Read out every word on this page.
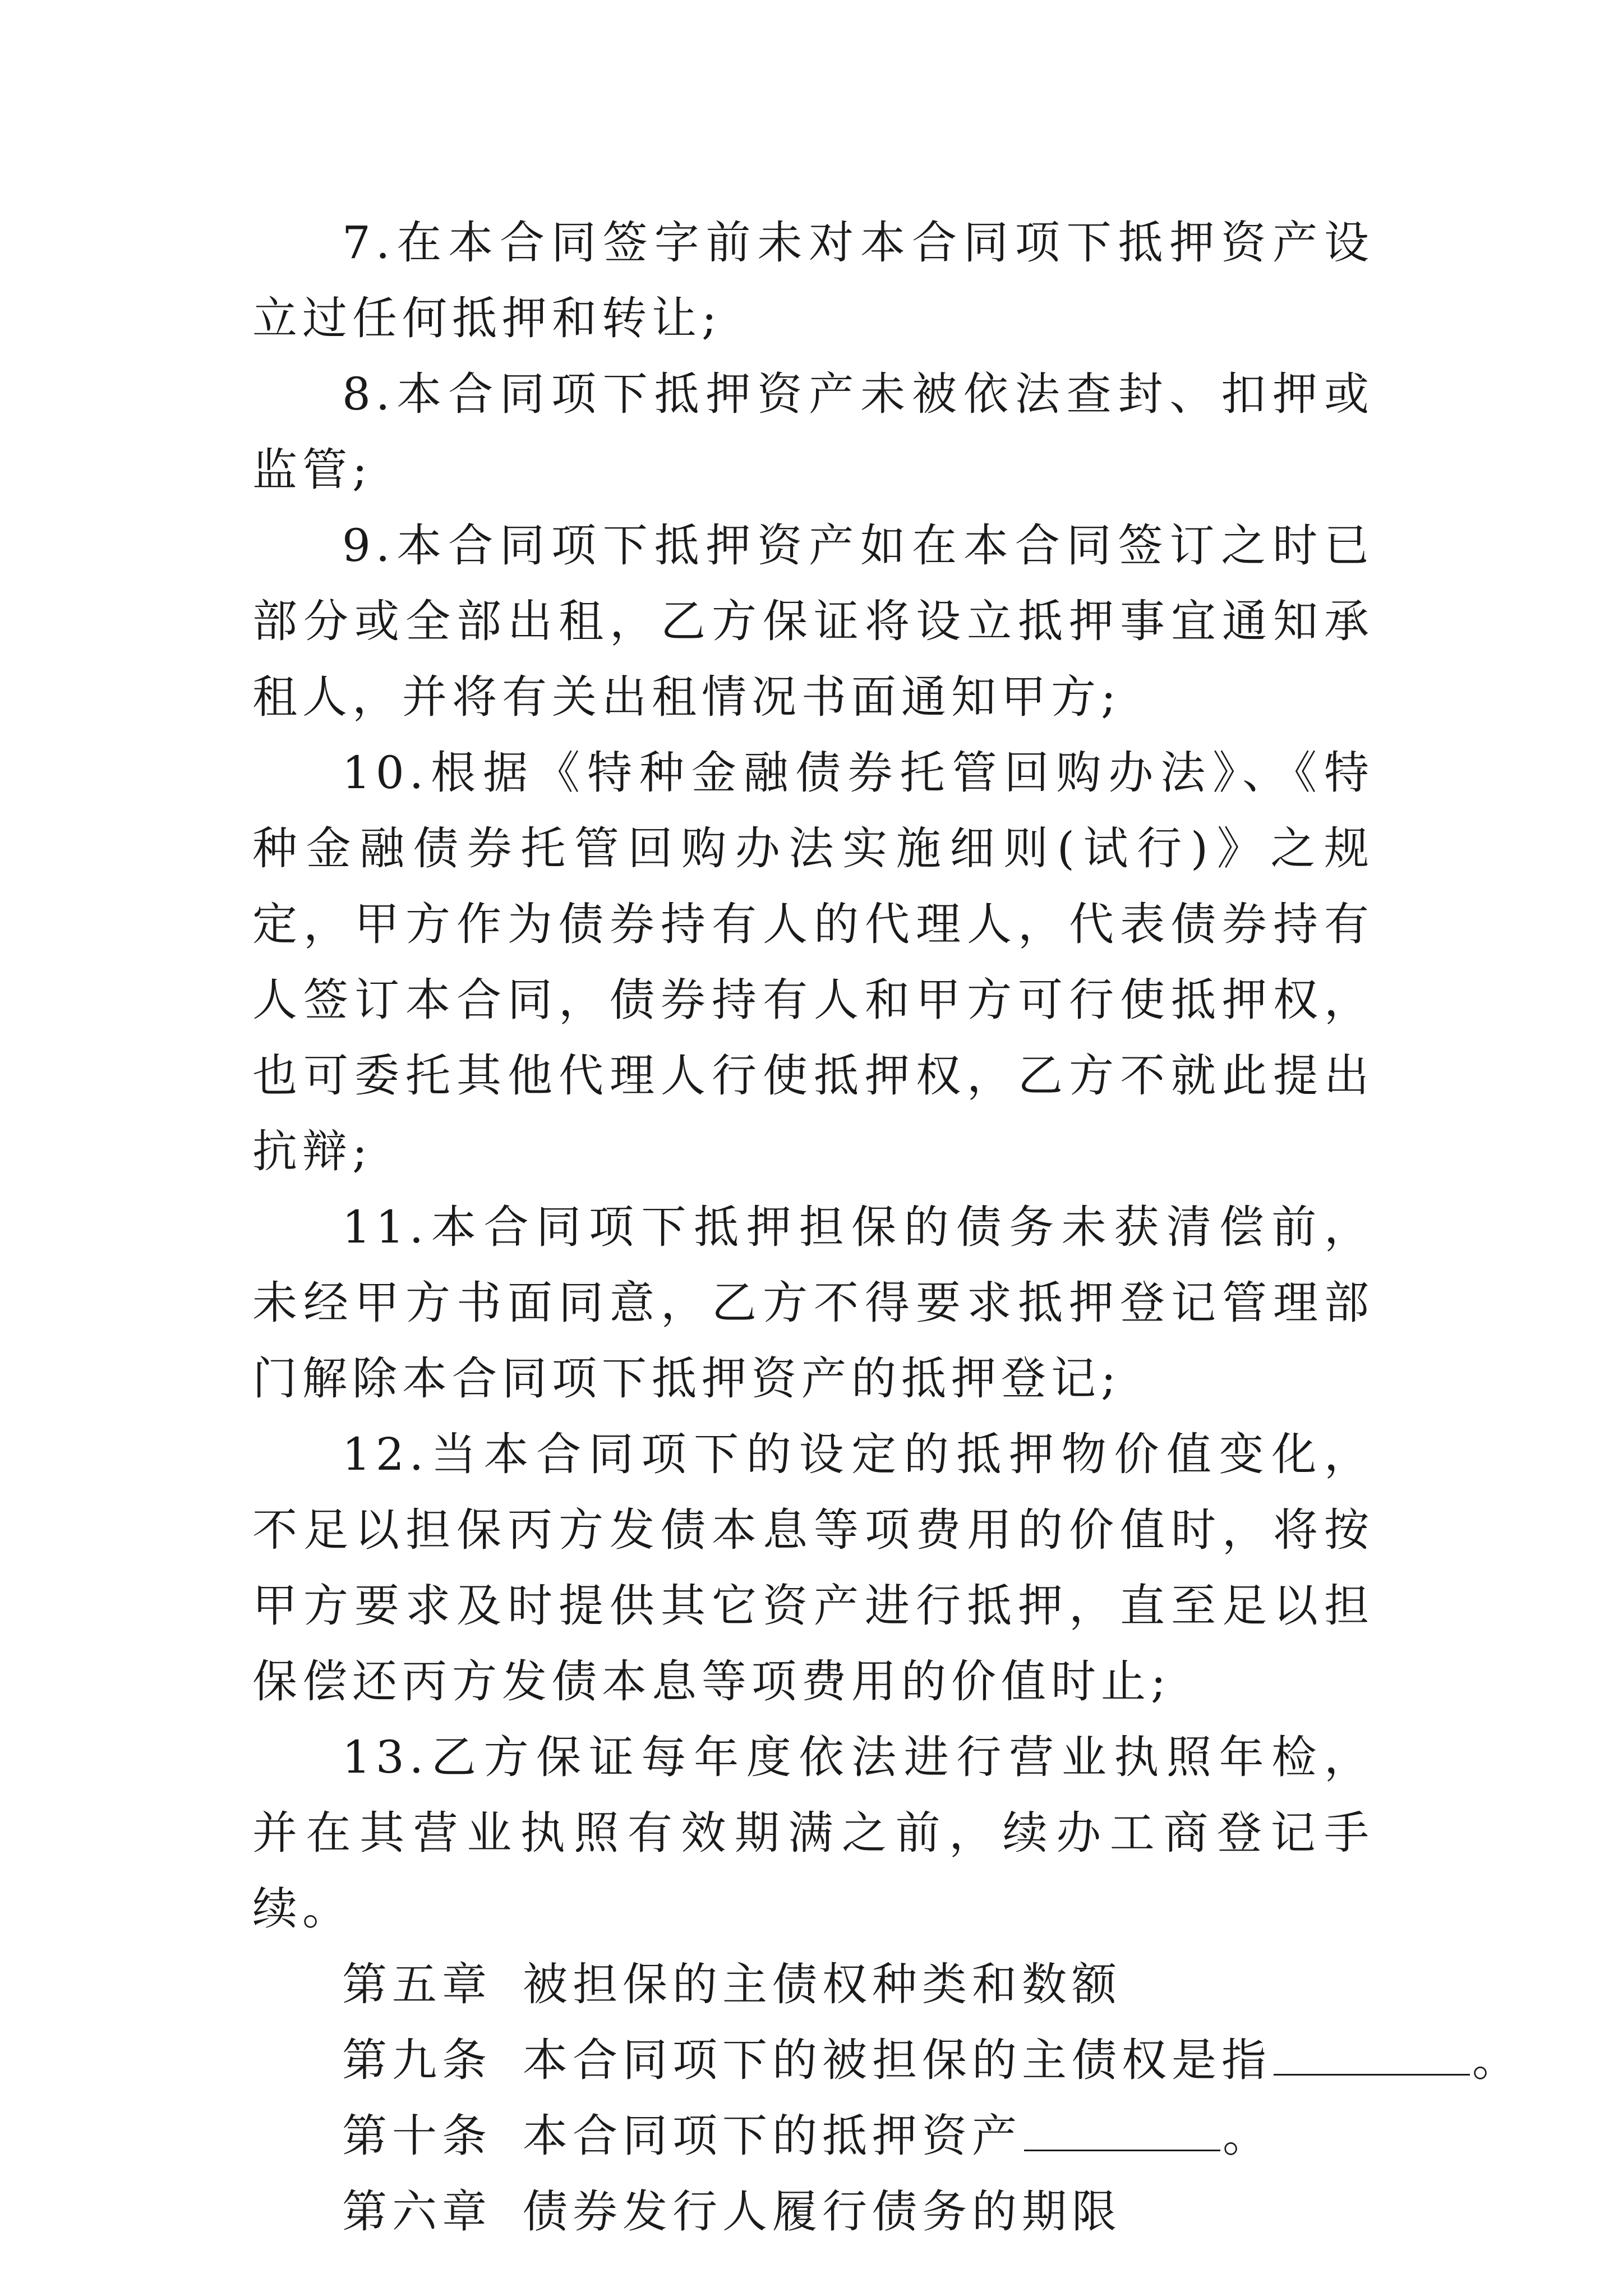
7.在本合同签字前未对本合同项下抵押资产设立过任何抵押和转让;

8.本合同项下抵押资产未被依法查封、扣押或监管;

9.本合同项下抵押资产如在本合同签订之时已部分或全部出租，乙方保证将设立抵押事宜通知承租人，并将有关出租情况书面通知甲方;

10.根据《特种金融债券托管回购办法》、《特种金融债券托管回购办法实施细则(试行)》之规定，甲方作为债券持有人的代理人，代表债券持有人签订本合同，债券持有人和甲方可行使抵押权，也可委托其他代理人行使抵押权，乙方不就此提出抗辩;

11.本合同项下抵押担保的债务未获清偿前，未经甲方书面同意，乙方不得要求抵押登记管理部门解除本合同项下抵押资产的抵押登记;

12.当本合同项下的设定的抵押物价值变化，不足以担保丙方发债本息等项费用的价值时，将按甲方要求及时提供其它资产进行抵押，直至足以担保偿还丙方发债本息等项费用的价值时止;

13.乙方保证每年度依法进行营业执照年检，并在其营业执照有效期满之前，续办工商登记手续。

第五章 被担保的主债权种类和数额

第九条 本合同项下的被担保的主债权是指	。

第十条 本合同项下的抵押资产	。

第六章 债券发行人履行债务的期限
